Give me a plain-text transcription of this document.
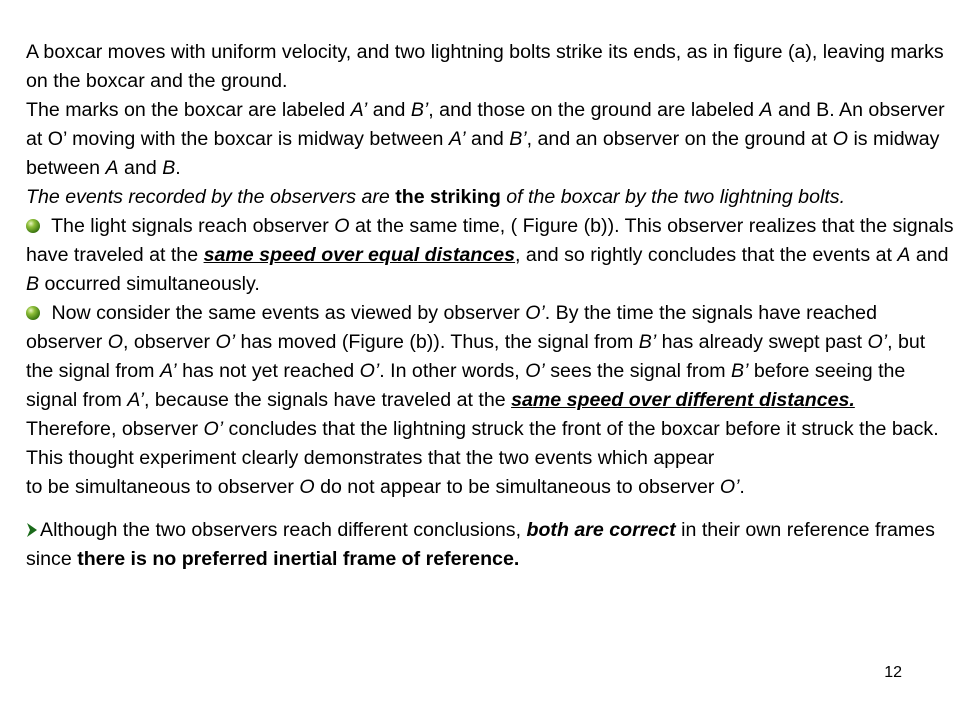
A boxcar moves with uniform velocity, and two lightning bolts strike its ends, as in figure (a), leaving marks on the boxcar and the ground.

The marks on the boxcar are labeled A’ and B’, and those on the ground are labeled A and B. An observer at O’ moving with the boxcar is midway between A’ and B’, and an observer on the ground at O is midway between A and B.

The events recorded by the observers are the striking of the boxcar by the two lightning bolts.

The light signals reach observer O at the same time, ( Figure (b)). This observer realizes that the signals have traveled at the same speed over equal distances, and so rightly concludes that the events at A and B occurred simultaneously.

Now consider the same events as viewed by observer O’. By the time the signals have reached observer O, observer O’ has moved (Figure (b)). Thus, the signal from B’ has already swept past O’, but the signal from A’ has not yet reached O’. In other words, O’ sees the signal from B’ before seeing the signal from A’, because the signals have traveled at the same speed over different distances.

Therefore, observer O’ concludes that the lightning struck the front of the boxcar before it struck the back.

This thought experiment clearly demonstrates that the two events which appear
to be simultaneous to observer O do not appear to be simultaneous to observer O’.

Although the two observers reach different conclusions, both are correct in their own reference frames since there is no preferred inertial frame of reference.

12
